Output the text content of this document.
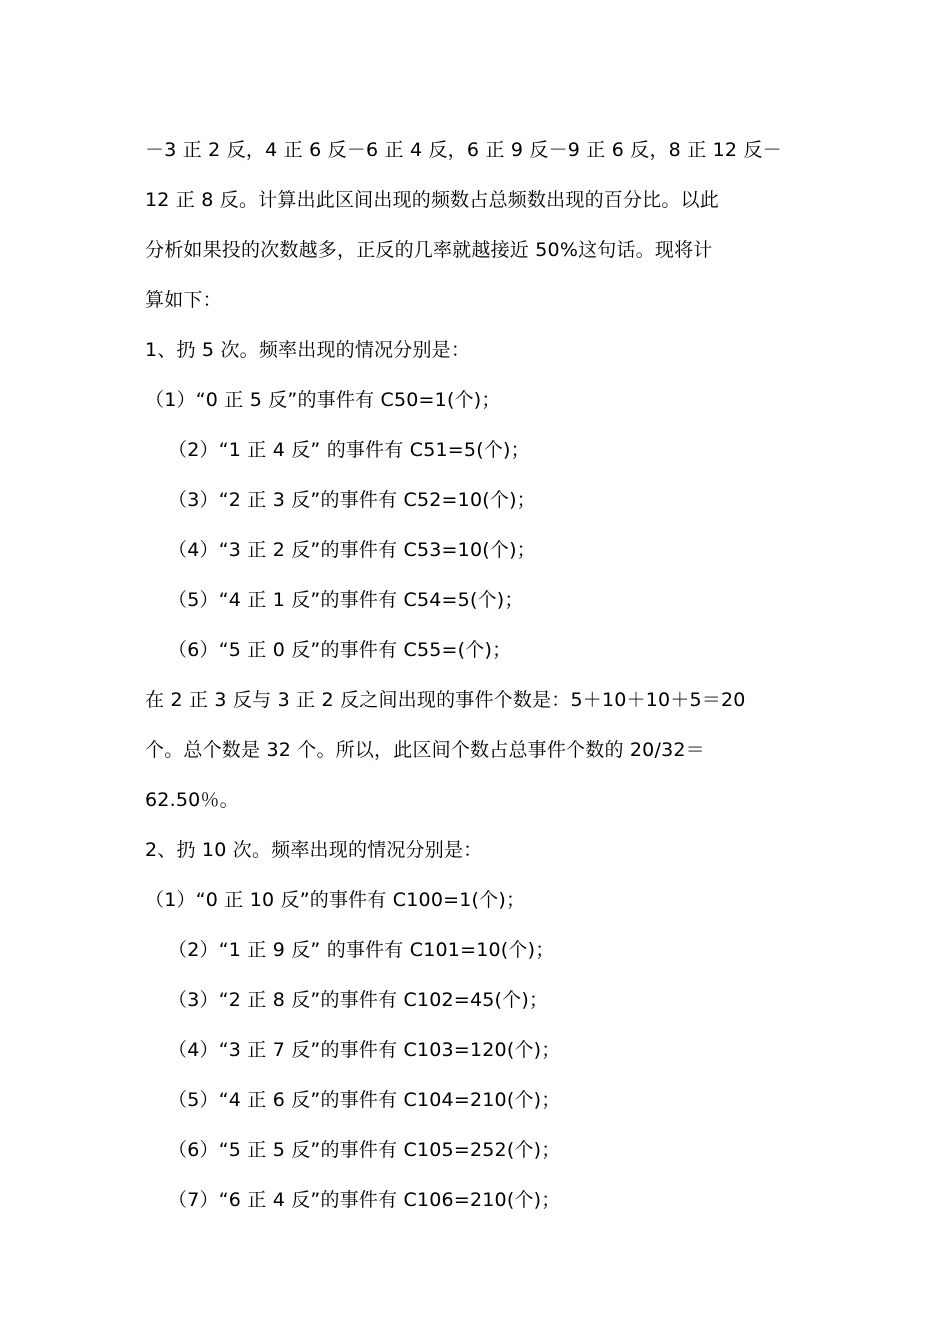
－3 正 2 反，4 正 6 反－6 正 4 反，6 正 9 反－9 正 6 反，8 正 12 反－
12 正 8 反。计算出此区间出现的频数占总频数出现的百分比。以此
分析如果投的次数越多，正反的几率就越接近 50%这句话。现将计
算如下：
1、扔 5 次。频率出现的情况分别是：
（1）“0 正 5 反”的事件有 C50=1(个)；
（2）“1 正 4 反” 的事件有 C51=5(个)；
（3）“2 正 3 反”的事件有 C52=10(个)；
（4）“3 正 2 反”的事件有 C53=10(个)；
（5）“4 正 1 反”的事件有 C54=5(个)；
（6）“5 正 0 反”的事件有 C55=(个)；
在 2 正 3 反与 3 正 2 反之间出现的事件个数是：5＋10＋10＋5＝20
个。总个数是 32 个。所以，此区间个数占总事件个数的 20/32＝
62.50％。
2、扔 10 次。频率出现的情况分别是：
（1）“0 正 10 反”的事件有 C100=1(个)；
（2）“1 正 9 反” 的事件有 C101=10(个)；
（3）“2 正 8 反”的事件有 C102=45(个)；
（4）“3 正 7 反”的事件有 C103=120(个)；
（5）“4 正 6 反”的事件有 C104=210(个)；
（6）“5 正 5 反”的事件有 C105=252(个)；
（7）“6 正 4 反”的事件有 C106=210(个)；
